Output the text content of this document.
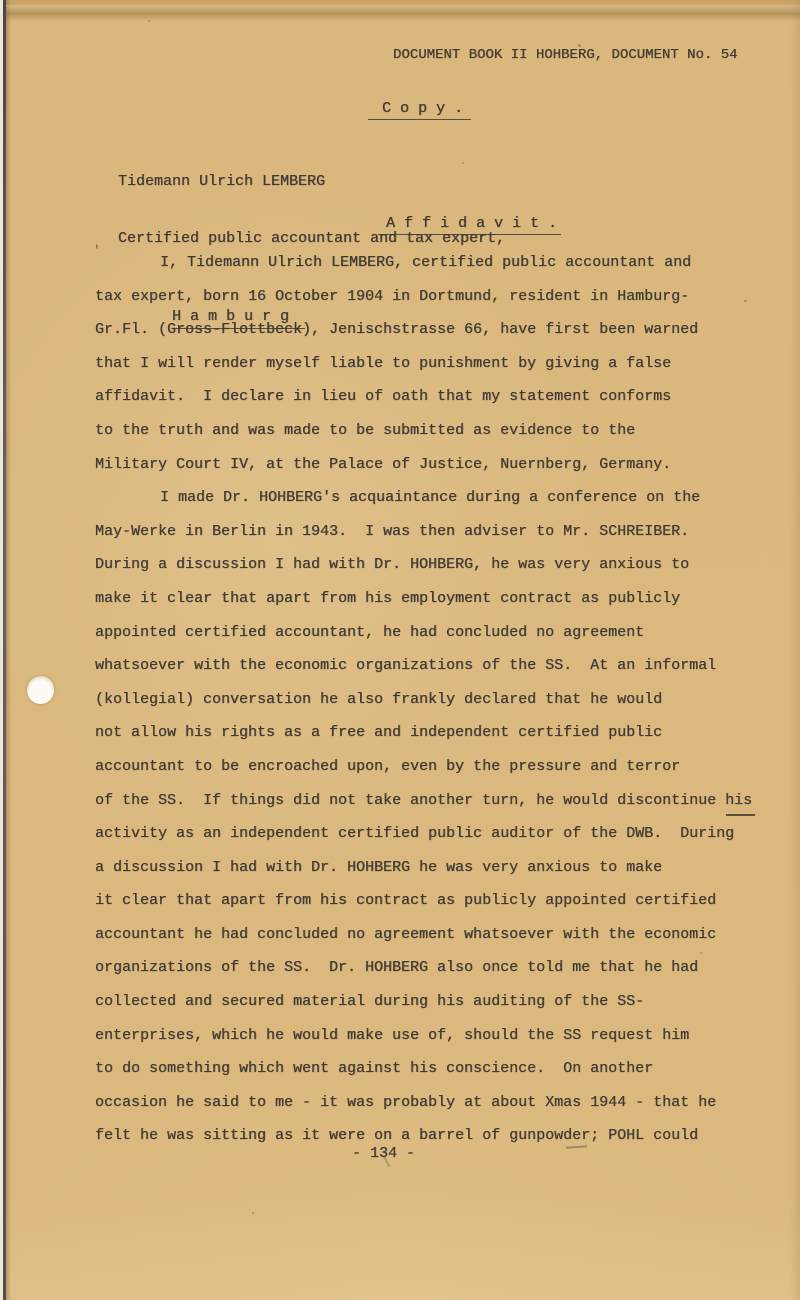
DOCUMENT BOOK II HOHBERG, DOCUMENT No. 54

C o p y .

Tidemann Ulrich LEMBERG

Certified public accountant and tax expert,

H a m b u r g

A f f i d a v i t .

I, Tidemann Ulrich LEMBERG, certified public accountant and
tax expert, born 16 October 1904 in Dortmund, resident in Hamburg-
Gr.Fl. (Gross-Flottbeck), Jenischstrasse 66, have first been warned
that I will render myself liable to punishment by giving a false
affidavit.  I declare in lieu of oath that my statement conforms
to the truth and was made to be submitted as evidence to the
Military Court IV, at the Palace of Justice, Nuernberg, Germany.
I made Dr. HOHBERG's acquaintance during a conference on the
May-Werke in Berlin in 1943.  I was then adviser to Mr. SCHREIBER.
During a discussion I had with Dr. HOHBERG, he was very anxious to
make it clear that apart from his employment contract as publicly
appointed certified accountant, he had concluded no agreement
whatsoever with the economic organizations of the SS.  At an informal
(kollegial) conversation he also frankly declared that he would
not allow his rights as a free and independent certified public
accountant to be encroached upon, even by the pressure and terror
of the SS.  If things did not take another turn, he would discontinue his
activity as an independent certified public auditor of the DWB.  During
a discussion I had with Dr. HOHBERG he was very anxious to make
it clear that apart from his contract as publicly appointed certified
accountant he had concluded no agreement whatsoever with the economic
organizations of the SS.  Dr. HOHBERG also once told me that he had
collected and secured material during his auditing of the SS-
enterprises, which he would make use of, should the SS request him
to do something which went against his conscience.  On another
occasion he said to me - it was probably at about Xmas 1944 - that he
felt he was sitting as it were on a barrel of gunpowder; POHL could
- 134 -
'
